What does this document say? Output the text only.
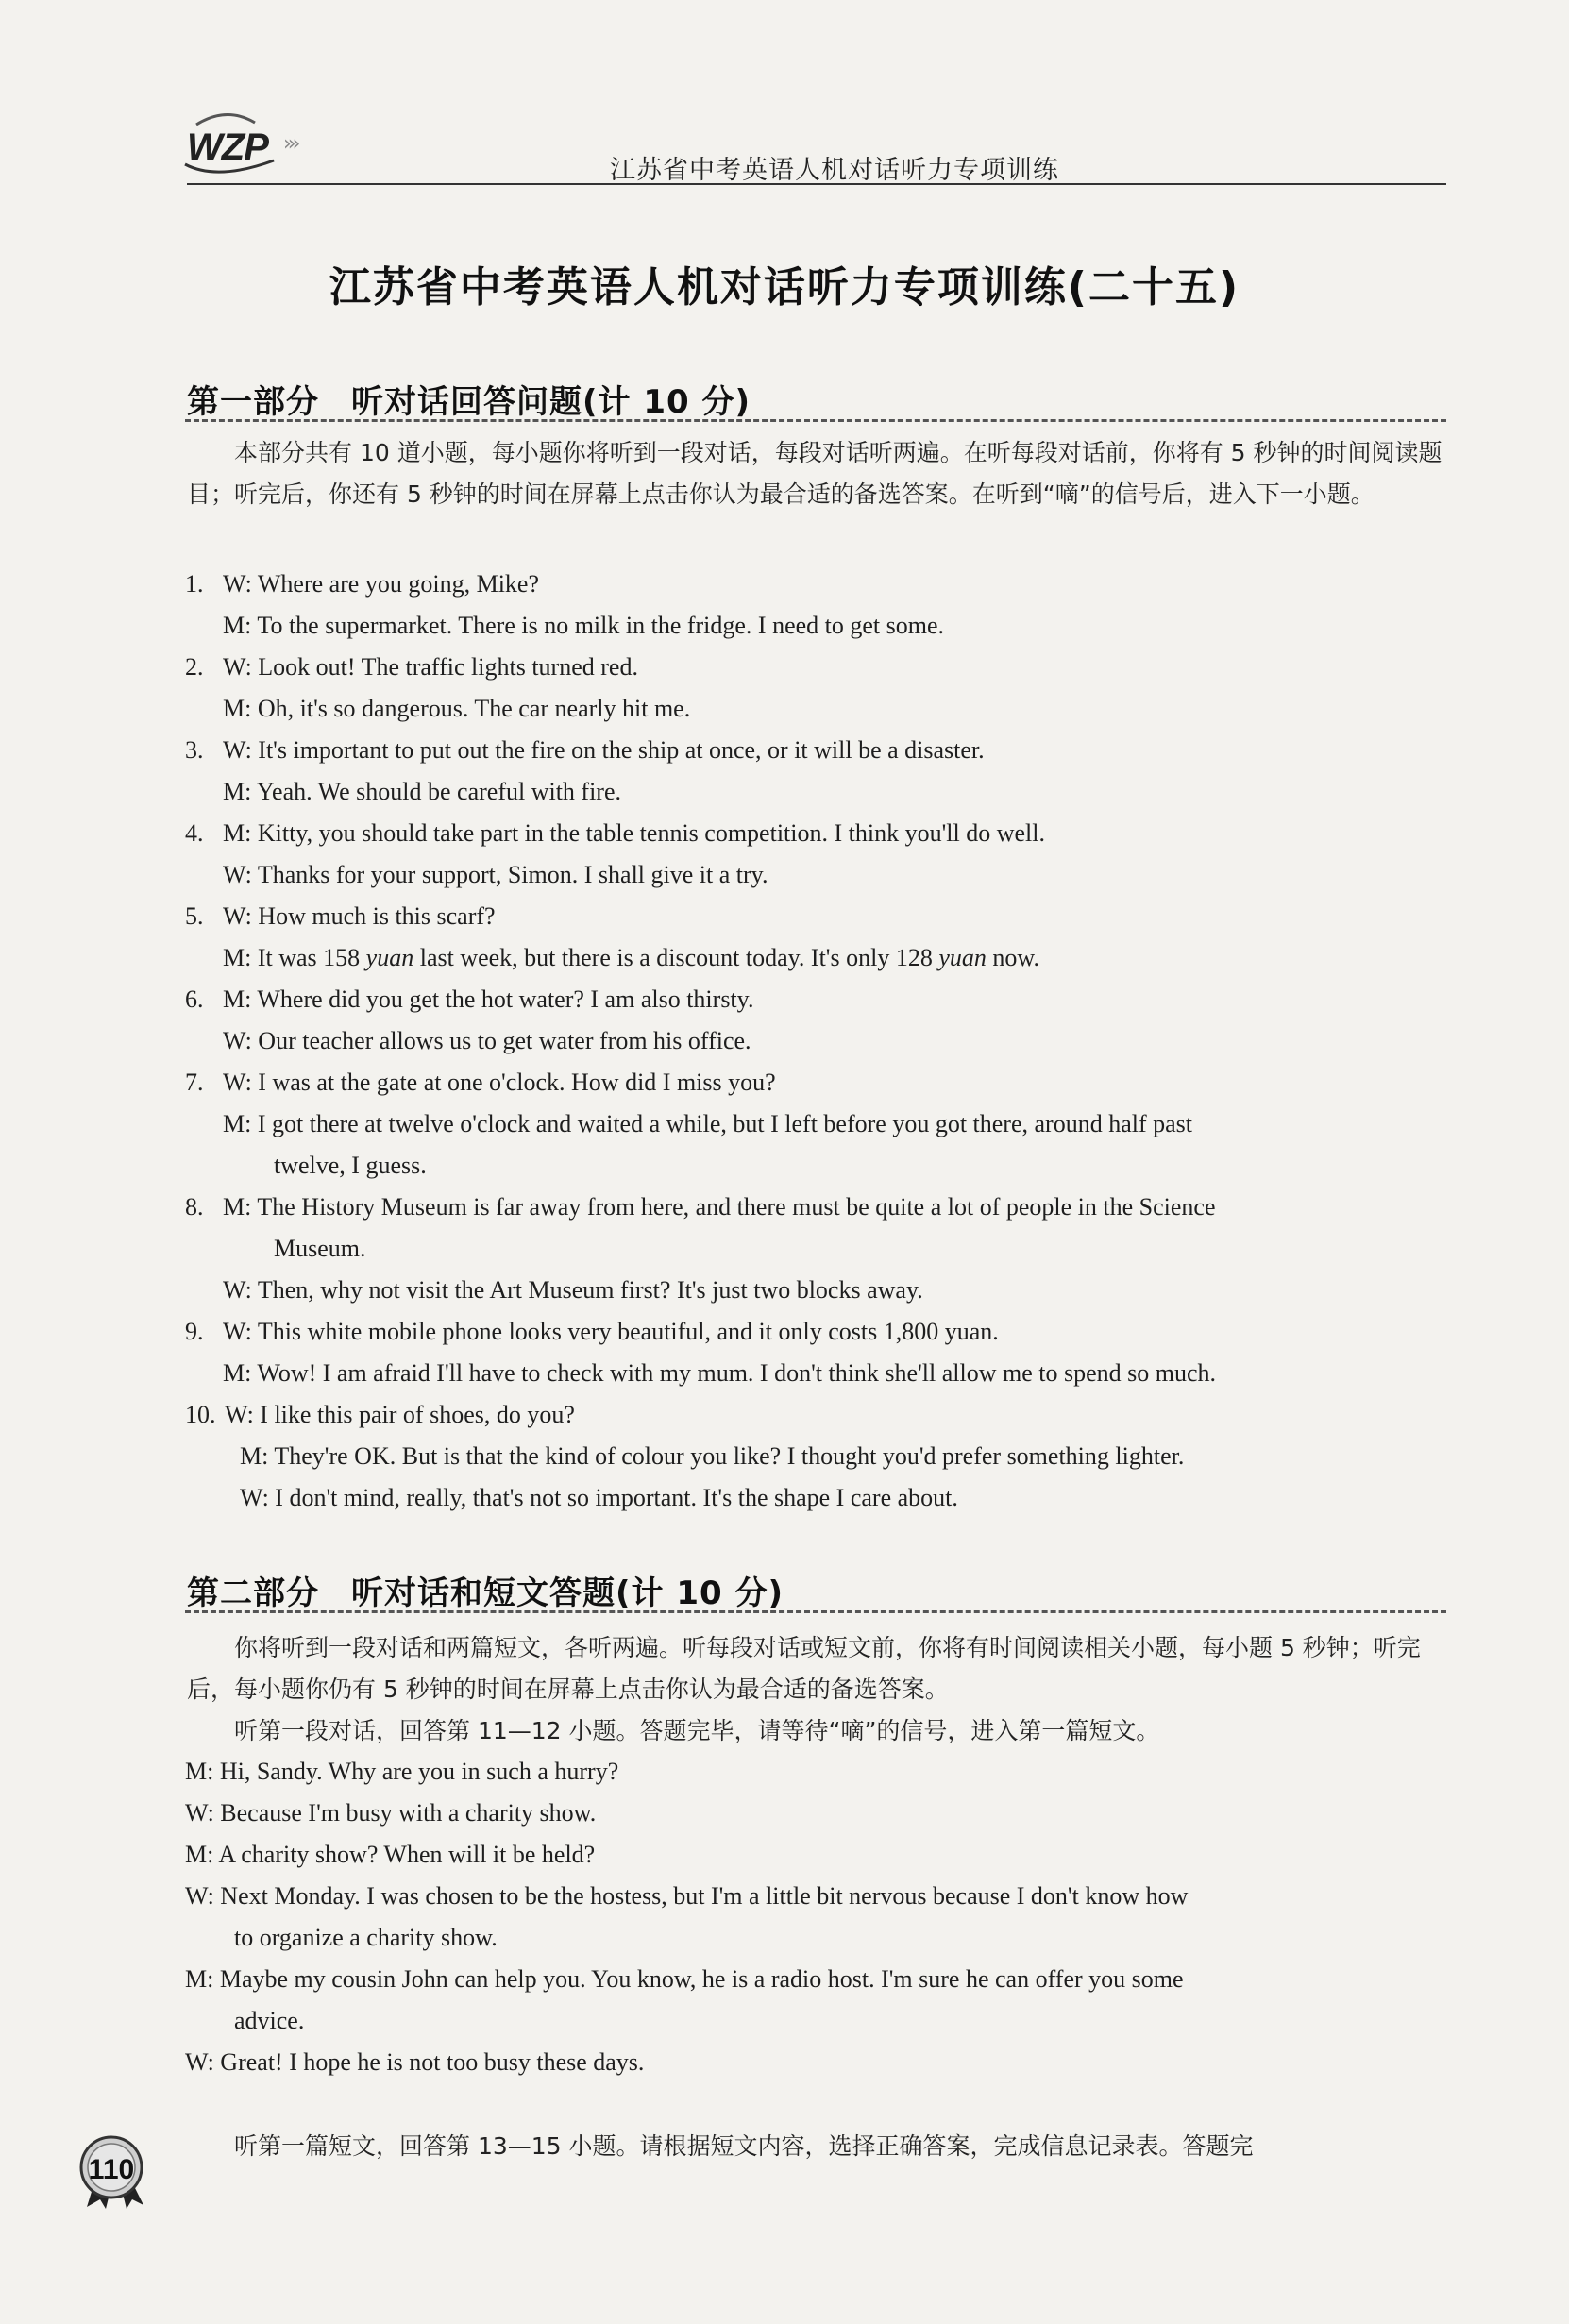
WZP ›››
江苏省中考英语人机对话听力专项训练
江苏省中考英语人机对话听力专项训练(二十五)
第一部分 听对话回答问题(计 10 分)
本部分共有 10 道小题，每小题你将听到一段对话，每段对话听两遍。在听每段对话前，你将有 5 秒钟的时间阅读题目；听完后，你还有 5 秒钟的时间在屏幕上点击你认为最合适的备选答案。在听到“嘀”的信号后，进入下一小题。
1. W: Where are you going, Mike?
M: To the supermarket. There is no milk in the fridge. I need to get some.
2. W: Look out! The traffic lights turned red.
M: Oh, it's so dangerous. The car nearly hit me.
3. W: It's important to put out the fire on the ship at once, or it will be a disaster.
M: Yeah. We should be careful with fire.
4. M: Kitty, you should take part in the table tennis competition. I think you'll do well.
W: Thanks for your support, Simon. I shall give it a try.
5. W: How much is this scarf?
M: It was 158 yuan last week, but there is a discount today. It's only 128 yuan now.
6. M: Where did you get the hot water? I am also thirsty.
W: Our teacher allows us to get water from his office.
7. W: I was at the gate at one o'clock. How did I miss you?
M: I got there at twelve o'clock and waited a while, but I left before you got there, around half past
twelve, I guess.
8. M: The History Museum is far away from here, and there must be quite a lot of people in the Science
Museum.
W: Then, why not visit the Art Museum first? It's just two blocks away.
9. W: This white mobile phone looks very beautiful, and it only costs 1,800 yuan.
M: Wow! I am afraid I'll have to check with my mum. I don't think she'll allow me to spend so much.
10. W: I like this pair of shoes, do you?
M: They're OK. But is that the kind of colour you like? I thought you'd prefer something lighter.
W: I don't mind, really, that's not so important. It's the shape I care about.
第二部分 听对话和短文答题(计 10 分)
你将听到一段对话和两篇短文，各听两遍。听每段对话或短文前，你将有时间阅读相关小题，每小题 5 秒钟；听完后，每小题你仍有 5 秒钟的时间在屏幕上点击你认为最合适的备选答案。
听第一段对话，回答第 11—12 小题。答题完毕，请等待“嘀”的信号，进入第一篇短文。
M: Hi, Sandy. Why are you in such a hurry?
W: Because I'm busy with a charity show.
M: A charity show? When will it be held?
W: Next Monday. I was chosen to be the hostess, but I'm a little bit nervous because I don't know how
to organize a charity show.
M: Maybe my cousin John can help you. You know, he is a radio host. I'm sure he can offer you some
advice.
W: Great! I hope he is not too busy these days.
听第一篇短文，回答第 13—15 小题。请根据短文内容，选择正确答案，完成信息记录表。答题完
110
